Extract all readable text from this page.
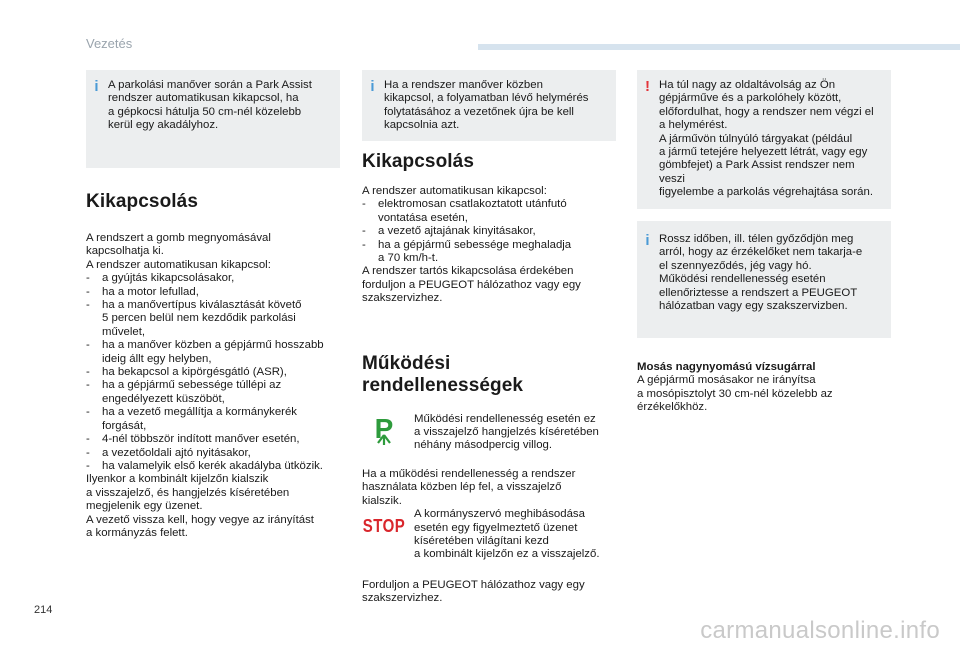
Vezetés
i A parkolási manőver során a Park Assist
rendszer automatikusan kikapcsol, ha
a gépkocsi hátulja 50 cm-nél közelebb
kerül egy akadályhoz.
Kikapcsolás
A rendszert a gomb megnyomásával
kapcsolhatja ki.
A rendszer automatikusan kikapcsol:
- a gyújtás kikapcsolásakor,
- ha a motor lefullad,
- ha a manővertípus kiválasztását követő
5 percen belül nem kezdődik parkolási
művelet,
- ha a manőver közben a gépjármű hosszabb
ideig állt egy helyben,
- ha bekapcsol a kipörgésgátló (ASR),
- ha a gépjármű sebessége túllépi az
engedélyezett küszöböt,
- ha a vezető megállítja a kormánykerék
forgását,
- 4-nél többször indított manőver esetén,
- a vezetőoldali ajtó nyitásakor,
- ha valamelyik első kerék akadályba ütközik.
Ilyenkor a kombinált kijelzőn kialszik
a visszajelző, és hangjelzés kíséretében
megjelenik egy üzenet.
A vezető vissza kell, hogy vegye az irányítást
a kormányzás felett.
i Ha a rendszer manőver közben
kikapcsol, a folyamatban lévő helymérés
folytatásához a vezetőnek újra be kell
kapcsolnia azt.
Kikapcsolás
A rendszer automatikusan kikapcsol:
- elektromosan csatlakoztatott utánfutó
vontatása esetén,
- a vezető ajtajának kinyitásakor,
- ha a gépjármű sebessége meghaladja
a 70 km/h-t.
A rendszer tartós kikapcsolása érdekében
forduljon a PEUGEOT hálózathoz vagy egy
szakszervizhez.
Működési rendellenességek
P	Működési rendellenesség esetén ez
a visszajelző hangjelzés kíséretében
néhány másodpercig villog.
Ha a működési rendellenesség a rendszer
használata közben lép fel, a visszajelző
kialszik.
STOP
A kormányszervó meghibásodása
esetén egy figyelmeztető üzenet
kíséretében világítani kezd
a kombinált kijelzőn ez a visszajelző.
Forduljon a PEUGEOT hálózathoz vagy egy
szakszervizhez.
! Ha túl nagy az oldaltávolság az Ön
gépjárműve és a parkolóhely között,
előfordulhat, hogy a rendszer nem végzi el
a helymérést.
A járművön túlnyúló tárgyakat (például
a jármű tetejére helyezett létrát, vagy egy
gömbfejet) a Park Assist rendszer nem veszi
figyelembe a parkolás végrehajtása során.
i Rossz időben, ill. télen győződjön meg
arról, hogy az érzékelőket nem takarja-e
el szennyeződés, jég vagy hó.
Működési rendellenesség esetén
ellenőriztesse a rendszert a PEUGEOT
hálózatban vagy egy szakszervizben.
Mosás nagynyomású vízsugárral
A gépjármű mosásakor ne irányítsa
a mosópisztolyt 30 cm-nél közelebb az
érzékelőkhöz.
214
carmanualsonline.info
